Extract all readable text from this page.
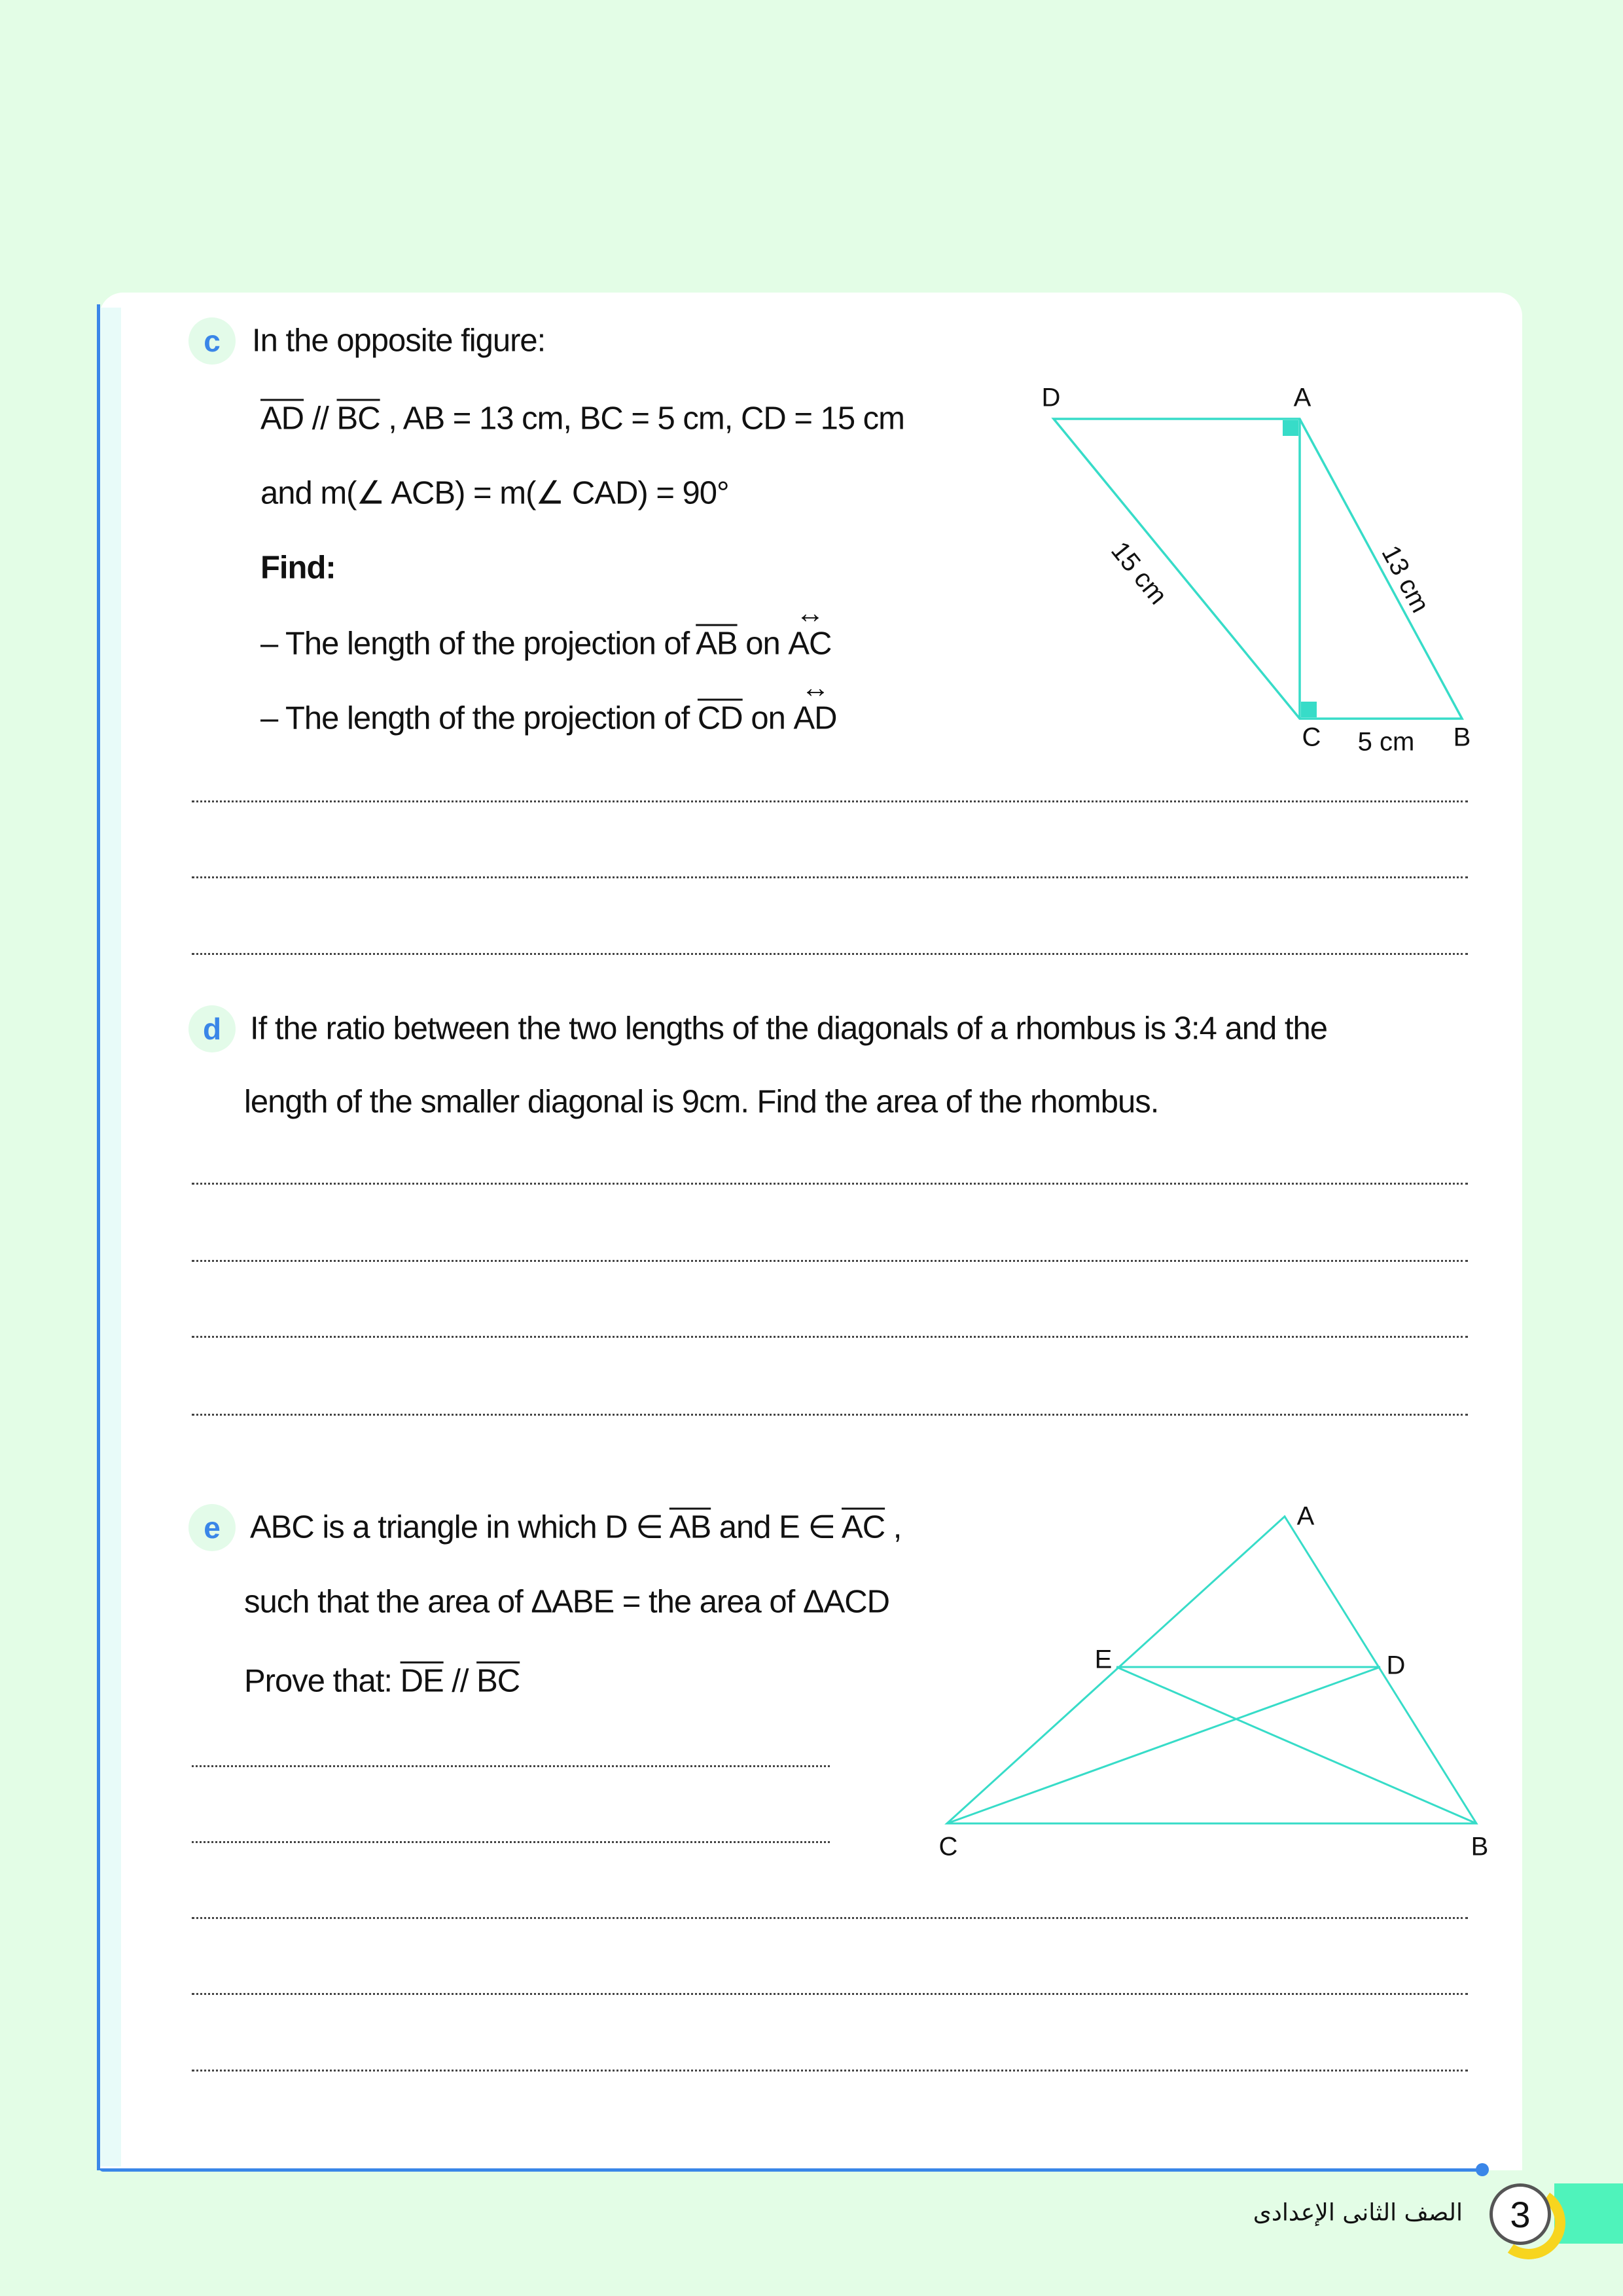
c In the opposite figure:
$\overline{AD} // \overline{BC}$ , AB = 13 cm, BC = 5 cm, CD = 15 cm
and m(∠ ACB) = m(∠ CAD) = 90°
Find:
– The length of the projection of $\overline{AB}$ on ↔ AC
– The length of the projection of $\overline{CD}$ on ↔ AD
D	A
C	B
5 cm
15 cm	13 cm
d If the ratio between the two lengths of the diagonals of a rhombus is 3:4 and the
length of the smaller diagonal is 9cm. Find the area of the rhombus.
e ABC is a triangle in which D ∈ $\overline{AB}$ and E ∈ $\overline{AC}$ ,
such that the area of ΔABE = the area of ΔACD
Prove that: $\overline{DE} // \overline{BC}$
A
E	D
C	B
3
الصف الثانى الإعدادى
